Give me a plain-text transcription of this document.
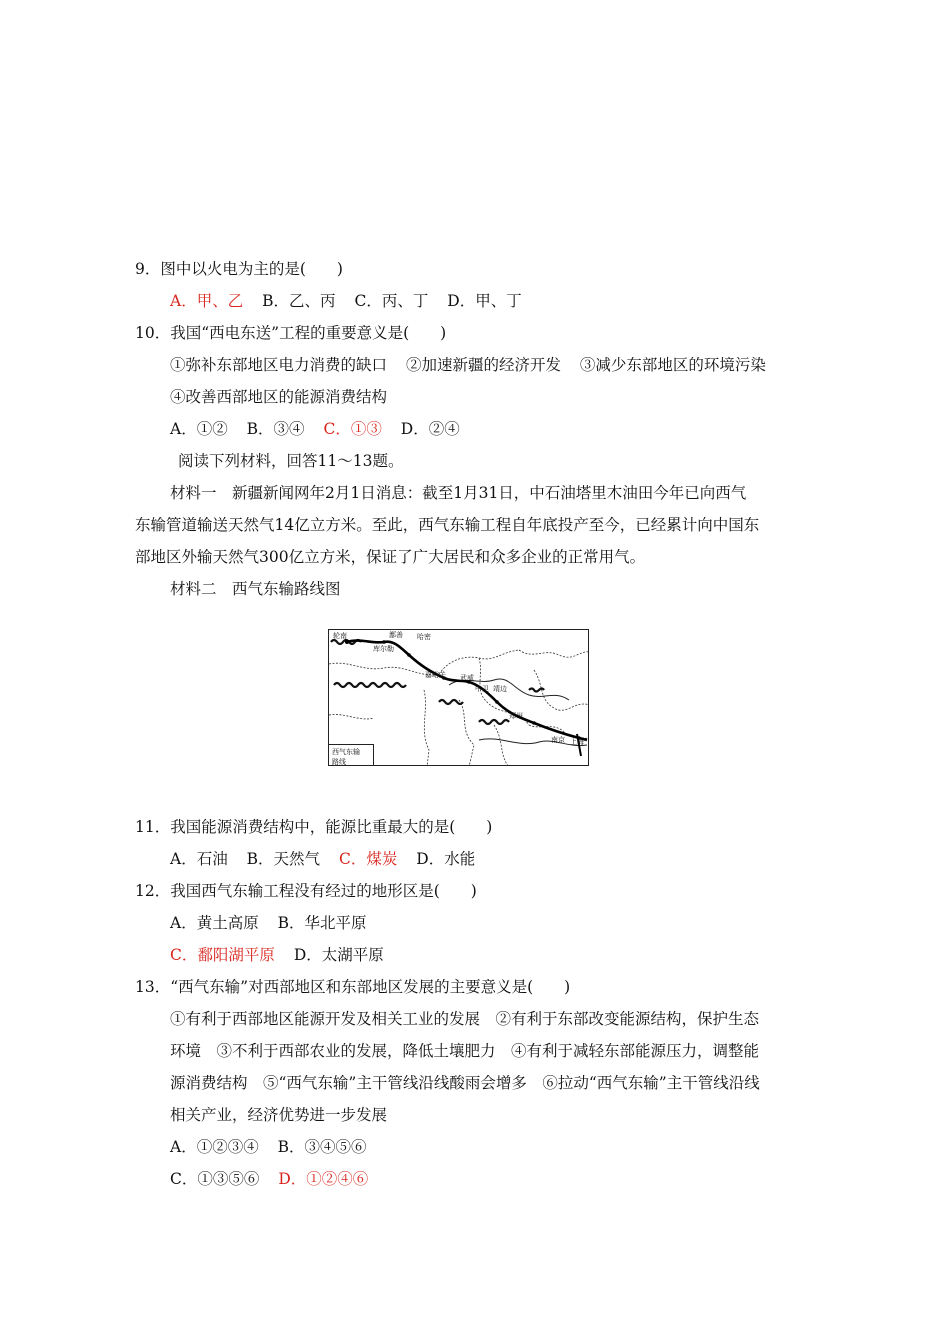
9．图中以火电为主的是(　　)
A．甲、乙 B．乙、丙 C．丙、丁 D．甲、丁
10．我国“西电东送”工程的重要意义是(　　)
①弥补东部地区电力消费的缺口 ②加速新疆的经济开发 ③减少东部地区的环境污染
④改善西部地区的能源消费结构
A．①② B．③④ C．①③ D．②④
阅读下列材料，回答11～13题。
材料一　新疆新闻网年2月1日消息：截至1月31日，中石油塔里木油田今年已向西气
东输管道输送天然气14亿立方米。至此，西气东输工程自年底投产至今，已经累计向中国东
部地区外输天然气300亿立方米，保证了广大居民和众多企业的正常用气。
材料二　西气东输路线图
轮南	鄯善 哈密
库尔勒
嘉峪关 武威
中卫 靖边
郑州
南京 上海
西气东输
路线
11．我国能源消费结构中，能源比重最大的是(　　)
A．石油 B．天然气 C．煤炭 D．水能
12．我国西气东输工程没有经过的地形区是(　　)
A．黄土高原 B．华北平原
C．鄱阳湖平原 D．太湖平原
13．“西气东输”对西部地区和东部地区发展的主要意义是(　　)
①有利于西部地区能源开发及相关工业的发展　②有利于东部改变能源结构，保护生态
环境　③不利于西部农业的发展，降低土壤肥力　④有利于减轻东部能源压力，调整能
源消费结构　⑤“西气东输”主干管线沿线酸雨会增多　⑥拉动“西气东输”主干管线沿线
相关产业，经济优势进一步发展
A．①②③④ B．③④⑤⑥
C．①③⑤⑥ D．①②④⑥
